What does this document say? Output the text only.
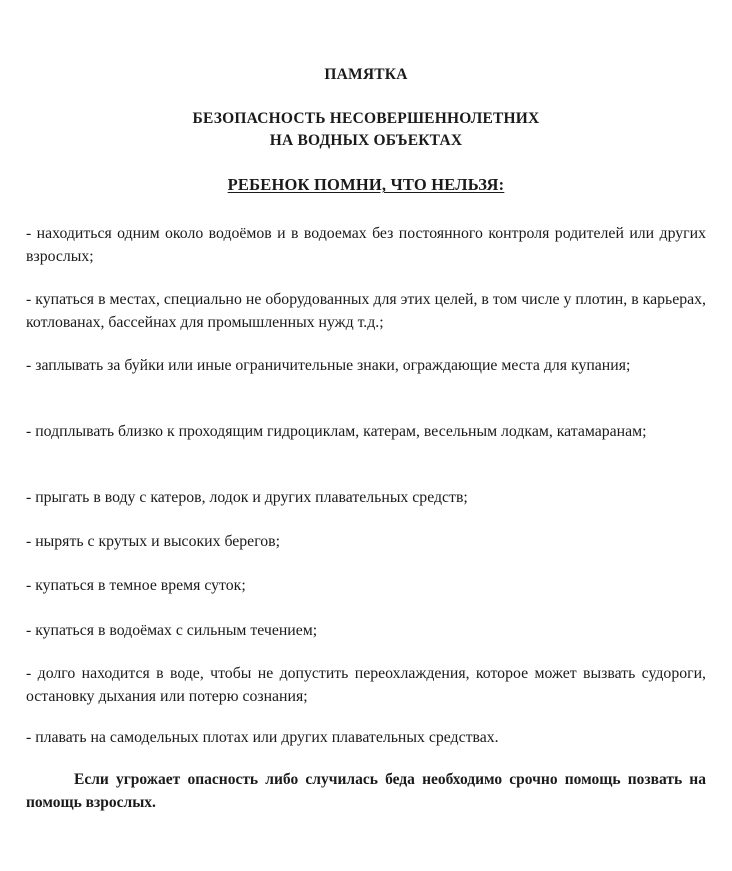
ПАМЯТКА
БЕЗОПАСНОСТЬ НЕСОВЕРШЕННОЛЕТНИХ
НА ВОДНЫХ ОБЪЕКТАХ
РЕБЕНОК ПОМНИ, ЧТО НЕЛЬЗЯ:

- находиться одним около водоёмов и в водоемах без постоянного контроля родителей или других взрослых;

- купаться в местах, специально не оборудованных для этих целей, в том числе у плотин, в карьерах, котлованах, бассейнах для промышленных нужд т.д.;

- заплывать за буйки или иные ограничительные знаки, ограждающие места для купания;

- подплывать близко к проходящим гидроциклам, катерам, весельным лодкам, катамаранам;

- прыгать в воду с катеров, лодок и других плавательных средств;

- нырять с крутых и высоких берегов;

- купаться в темное время суток;

- купаться в водоёмах с сильным течением;

- долго находится в воде, чтобы не допустить переохлаждения, которое может вызвать судороги, остановку дыхания или потерю сознания;

- плавать на самодельных плотах или других плавательных средствах.

Если угрожает опасность либо случилась беда необходимо срочно помощь позвать на помощь взрослых.
